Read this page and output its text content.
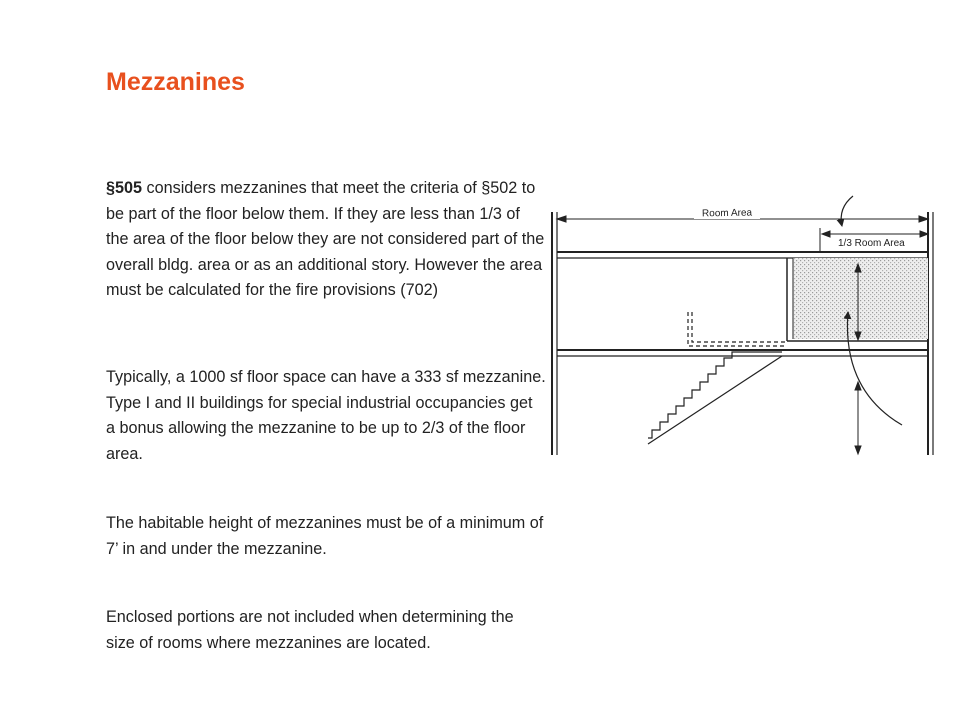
Mezzanines

§505 considers mezzanines that meet the criteria of §502 to be part of the floor below them. If they are less than 1/3 of the area of the floor below they are not considered part of the overall bldg. area or as an additional story. However the area must be calculated for the fire provisions (702)

Typically, a 1000 sf floor space can have a 333 sf mezzanine. Type I and II buildings for special industrial occupancies get a bonus allowing the mezzanine to be up to 2/3 of the floor area.

The habitable height of mezzanines must be of a minimum of 7’ in and under the mezzanine.

Enclosed portions are not included when determining the size of rooms where mezzanines are located.

Room Area
1/3 Room Area
